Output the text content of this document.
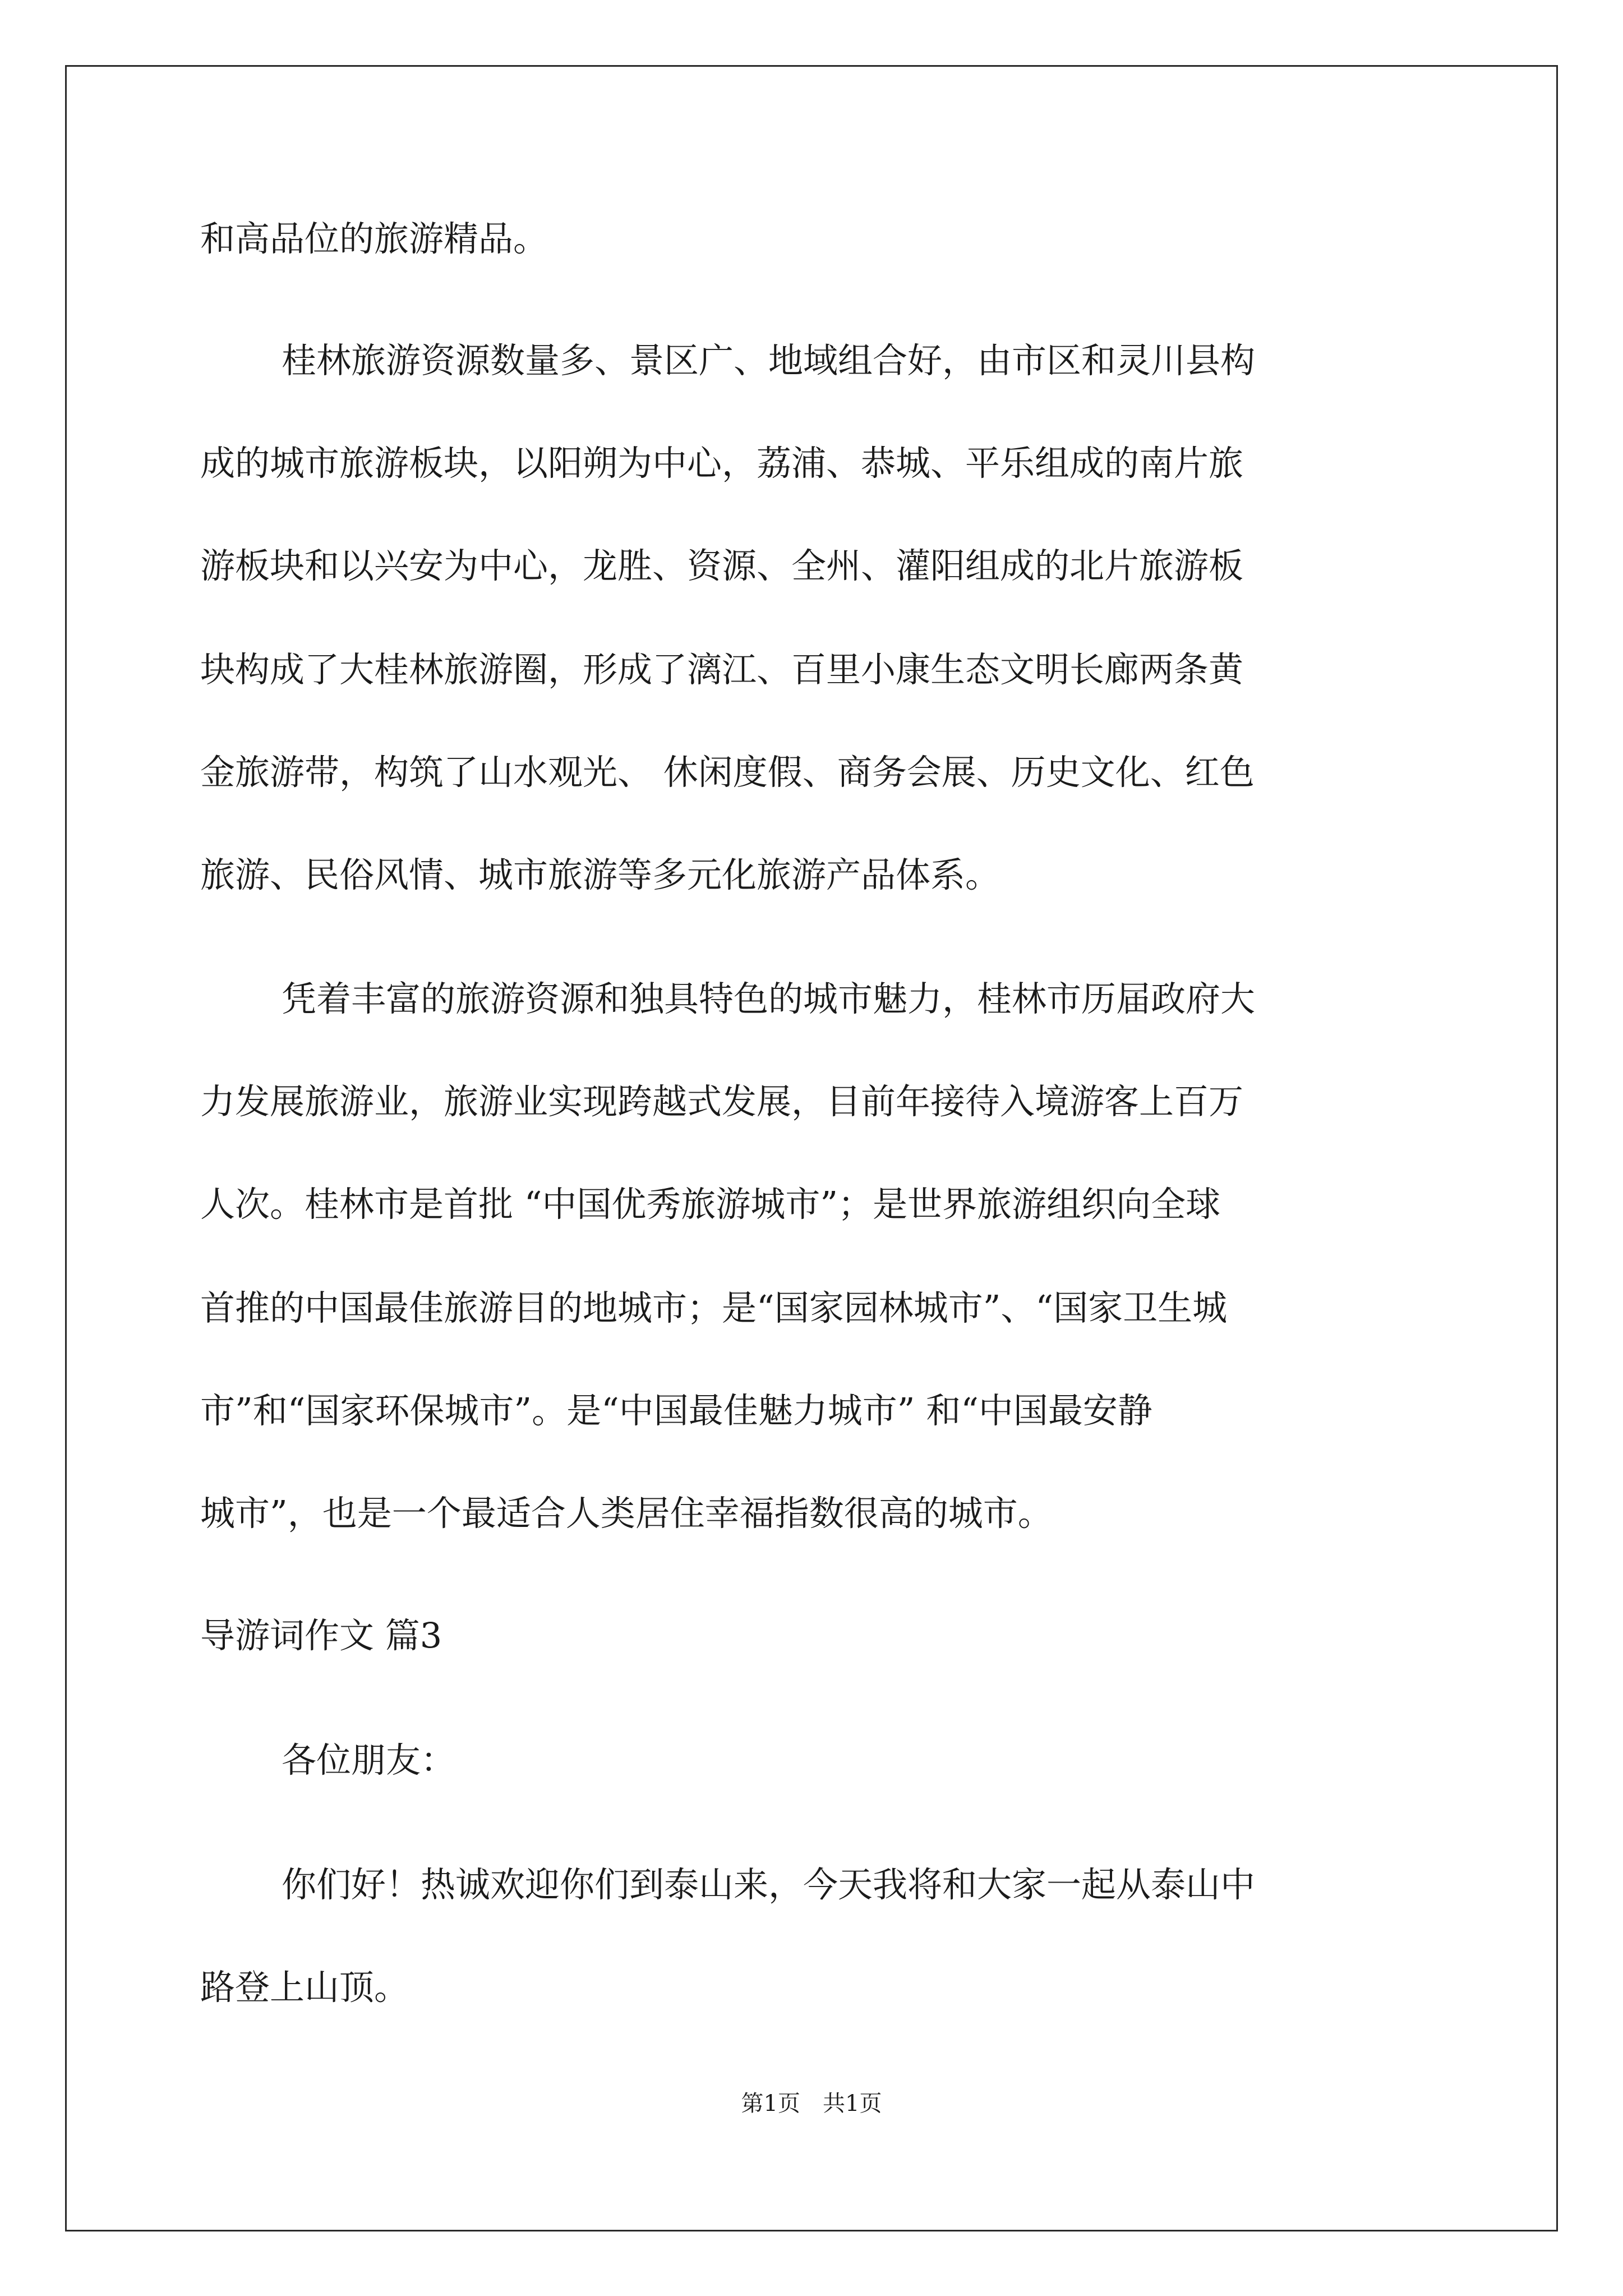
和高品位的旅游精品。
桂林旅游资源数量多、景区广、地域组合好，由市区和灵川县构
成的城市旅游板块，以阳朔为中心，荔浦、恭城、平乐组成的南片旅
游板块和以兴安为中心，龙胜、资源、全州、灌阳组成的北片旅游板
块构成了大桂林旅游圈，形成了漓江、百里小康生态文明长廊两条黄
金旅游带，构筑了山水观光、 休闲度假、商务会展、历史文化、红色
旅游、民俗风情、城市旅游等多元化旅游产品体系。
凭着丰富的旅游资源和独具特色的城市魅力，桂林市历届政府大
力发展旅游业，旅游业实现跨越式发展，目前年接待入境游客上百万
人次。桂林市是首批 “中国优秀旅游城市”；是世界旅游组织向全球
首推的中国最佳旅游目的地城市；是“国家园林城市”、“国家卫生城
市”和“国家环保城市”。是“中国最佳魅力城市” 和“中国最安静
城市”，也是一个最适合人类居住幸福指数很高的城市。
导游词作文 篇3
各位朋友：
你们好！热诚欢迎你们到泰山来，今天我将和大家一起从泰山中
路登上山顶。
第1页　共1页
